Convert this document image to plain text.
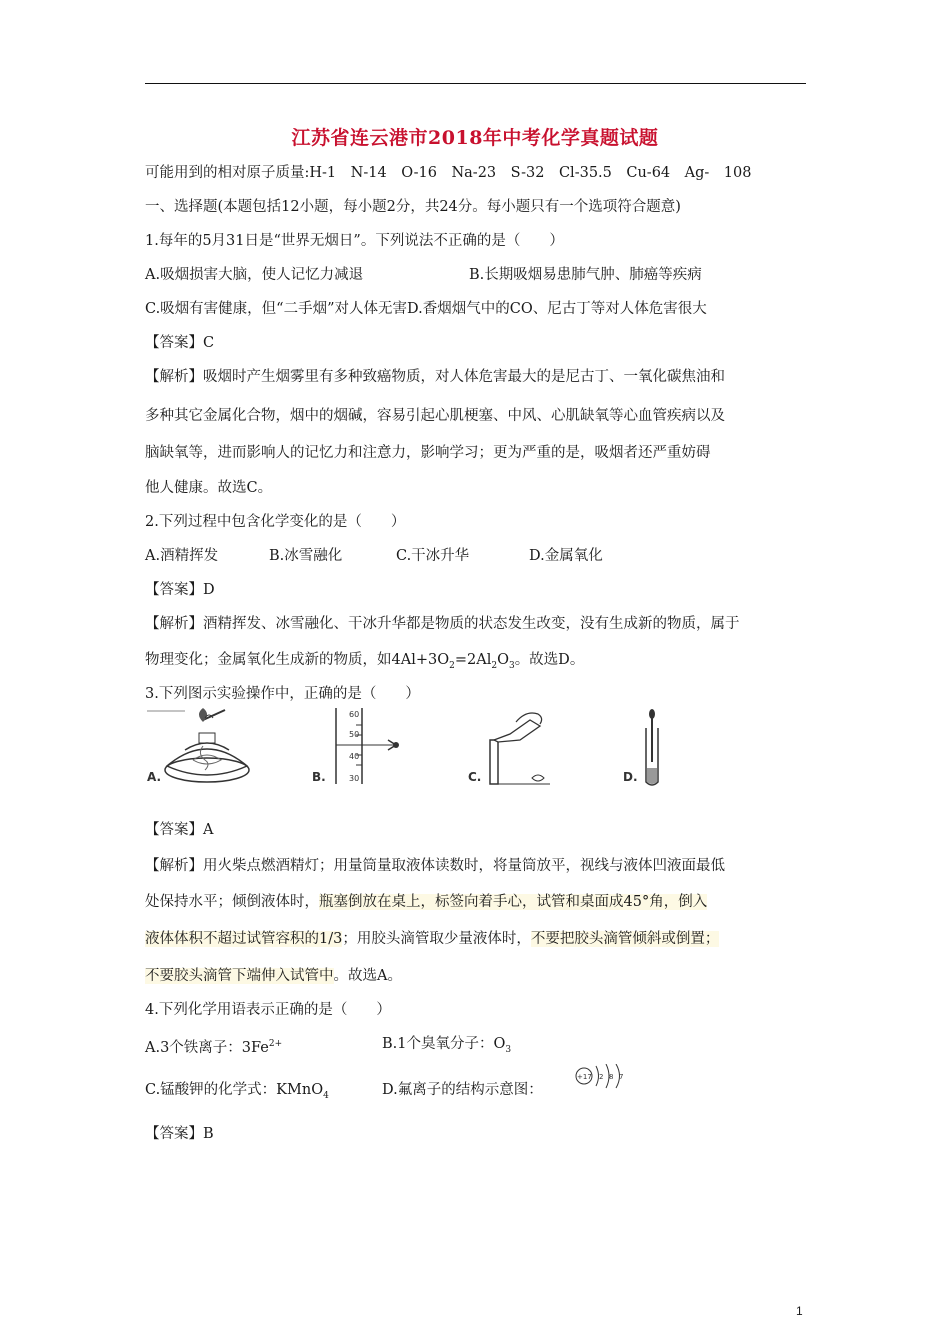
江苏省连云港市2018年中考化学真题试题
可能用到的相对原子质量:H-1　N-14　O-16　Na-23　S-32　Cl-35.5　Cu-64　Ag-　108
一、选择题(本题包括12小题，每小题2分，共24分。每小题只有一个选项符合题意)
1.每年的5月31日是“世界无烟日”。下列说法不正确的是（　　）
A.吸烟损害大脑，使人记忆力减退	B.长期吸烟易患肺气肿、肺癌等疾病
C.吸烟有害健康，但“二手烟”对人体无害D.香烟烟气中的CO、尼古丁等对人体危害很大
【答案】C
【解析】吸烟时产生烟雾里有多种致癌物质，对人体危害最大的是尼古丁、一氧化碳焦油和
多种其它金属化合物，烟中的烟碱，容易引起心肌梗塞、中风、心肌缺氧等心血管疾病以及
脑缺氧等，进而影响人的记忆力和注意力，影响学习；更为严重的是，吸烟者还严重妨碍
他人健康。故选C。
2.下列过程中包含化学变化的是（　　）
A.酒精挥发	B.冰雪融化	C.干冰升华	D.金属氧化
【答案】D
【解析】酒精挥发、冰雪融化、干冰升华都是物质的状态发生改变，没有生成新的物质，属于
物理变化；金属氧化生成新的物质，如$4Al+3O_2=2Al_2O_3$。故选D。
3.下列图示实验操作中，正确的是（　　）
A.
60
50
40
30
B.	C.	D.
【答案】A
【解析】用火柴点燃酒精灯；用量筒量取液体读数时，将量筒放平，视线与液体凹液面最低
处保持水平；倾倒液体时，瓶塞倒放在桌上，标签向着手心，试管和桌面成45°角，倒入
液体体积不超过试管容积的1/3；用胶头滴管取少量液体时，不要把胶头滴管倾斜或倒置；
不要胶头滴管下端伸入试管中。故选A。
4.下列化学用语表示正确的是（　　）
A.3个铁离子：$3Fe^{2+}$	B.1个臭氧分子：$O_3$
C.锰酸钾的化学式：KMnO$_4$	D.氟离子的结构示意图：
+17 2 8 7
【答案】B
1
